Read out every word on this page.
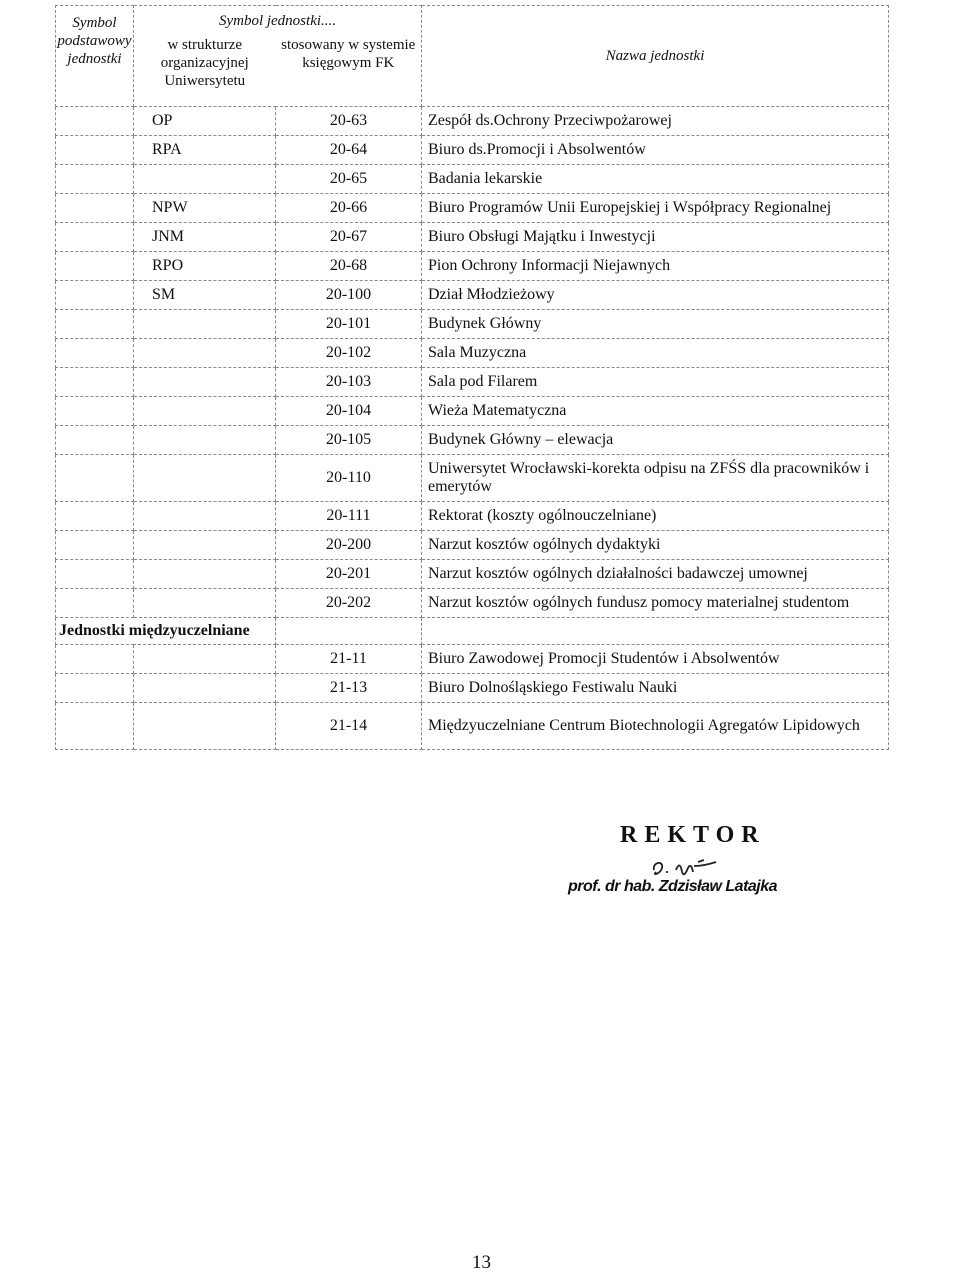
Symbol podstawowy jednostki	Symbol jednostki....
w strukturze organizacyjnej Uniwersytetu
stosowany w systemie księgowym FK		Nazwa jednostki
	OP	20-63	Zespół ds.Ochrony Przeciwpożarowej

	RPA	20-64	Biuro ds.Promocji i Absolwentów

		20-65	Badania lekarskie

	NPW	20-66	Biuro Programów Unii Europejskiej i Współpracy Regionalnej

	JNM	20-67	Biuro Obsługi Majątku i Inwestycji

	RPO	20-68	Pion Ochrony Informacji Niejawnych

	SM	20-100	Dział Młodzieżowy

		20-101	Budynek Główny

		20-102	Sala Muzyczna

		20-103	Sala pod Filarem

		20-104	Wieża Matematyczna

		20-105	Budynek Główny – elewacja

		20-110	Uniwersytet Wrocławski-korekta odpisu na ZFŚS dla pracowników i emerytów

		20-111	Rektorat (koszty ogólnouczelniane)

		20-200	Narzut kosztów ogólnych dydaktyki

		20-201	Narzut kosztów ogólnych działalności badawczej umownej

		20-202	Narzut kosztów ogólnych fundusz pomocy materialnej studentom

Jednostki międzyuczelniane			
		21-11	Biuro Zawodowej Promocji Studentów i Absolwentów

		21-13	Biuro Dolnośląskiego Festiwalu Nauki

		21-14	Międzyuczelniane Centrum Biotechnologii Agregatów Lipidowych
REKTOR
prof. dr hab. Zdzisław Latajka
13
